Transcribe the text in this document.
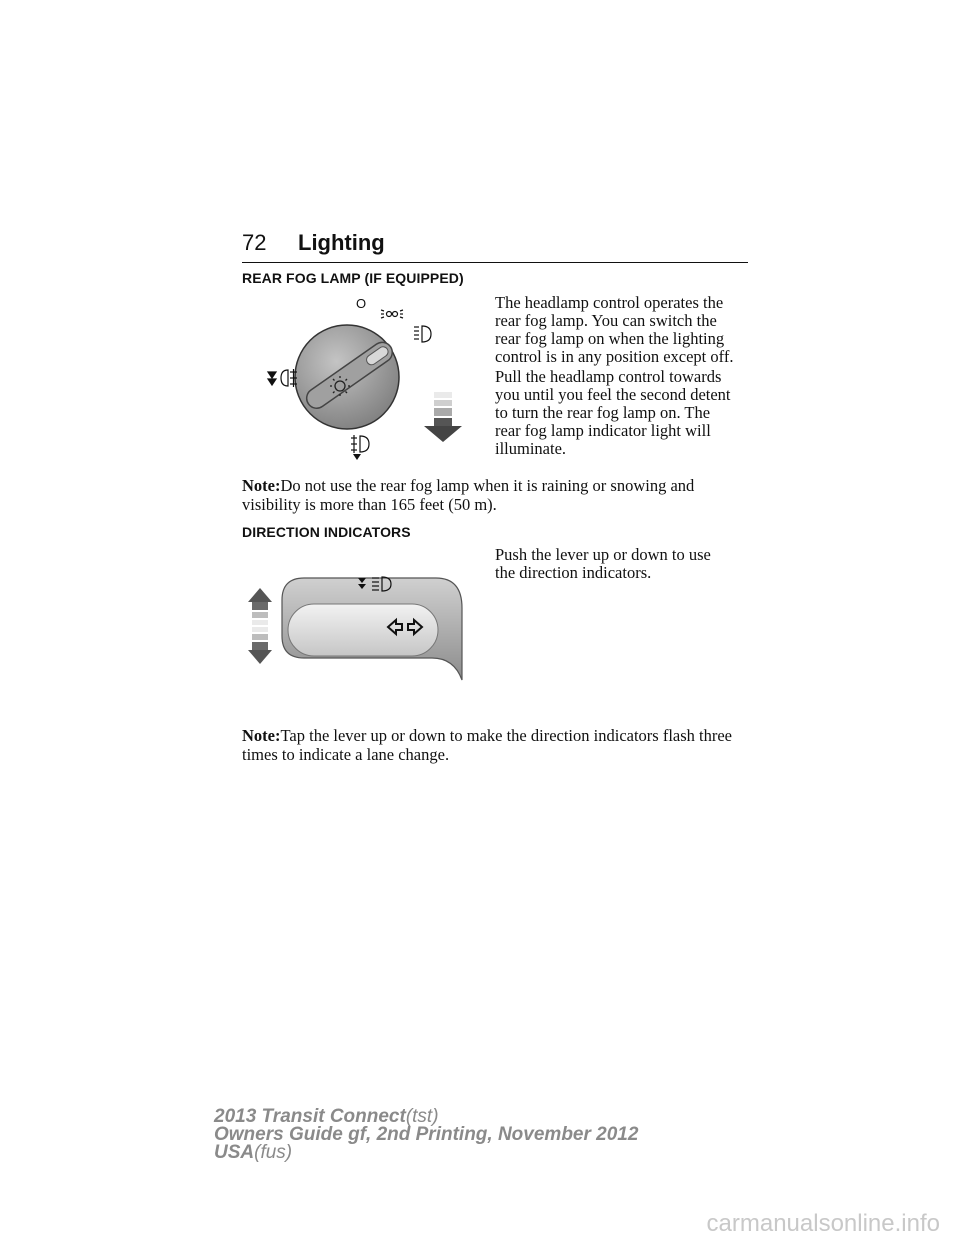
72 Lighting
REAR FOG LAMP (IF EQUIPPED)
O	The headlamp control operates the
rear fog lamp. You can switch the
rear fog lamp on when the lighting
control is in any position except off.
Pull the headlamp control towards
you until you feel the second detent
to turn the rear fog lamp on. The
rear fog lamp indicator light will
illuminate.

Note:Do not use the rear fog lamp when it is raining or snowing and visibility is more than 165 feet (50 m).

DIRECTION INDICATORS
Push the lever up or down to use
the direction indicators.

Note:Tap the lever up or down to make the direction indicators flash three times to indicate a lane change.

2013 Transit Connect(tst)
Owners Guide gf, 2nd Printing, November 2012
USA(fus)
carmanualsonline.info
